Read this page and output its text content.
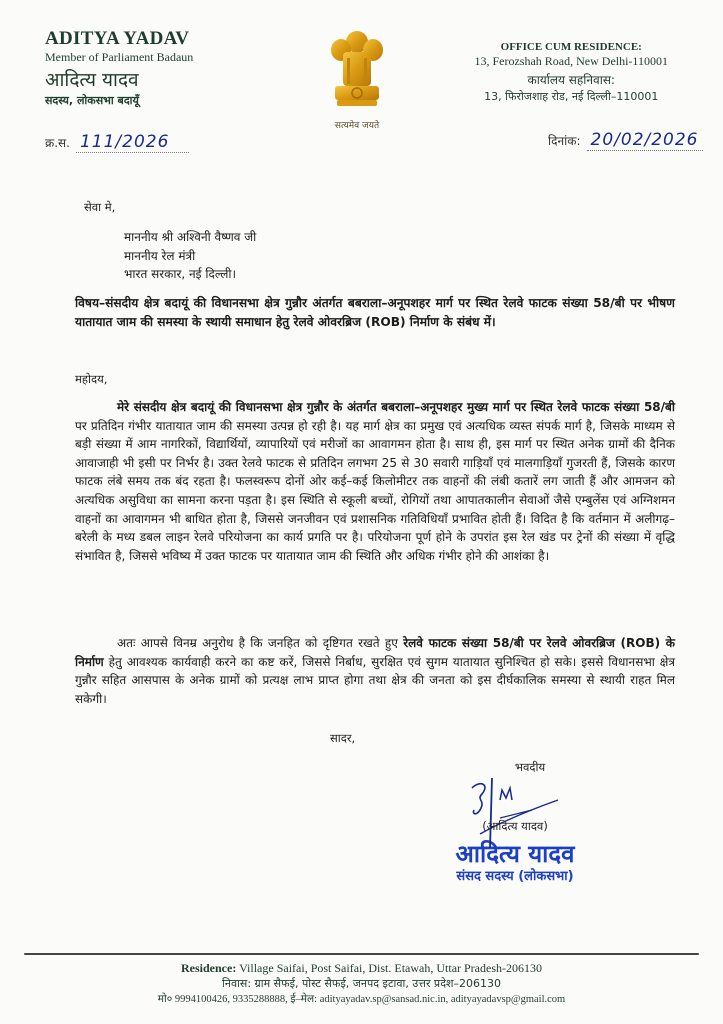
ADITYA YADAV
Member of Parliament Badaun
आदित्य यादव
सदस्य, लोकसभा बदायूँ
क्र.स. 111/2026
सत्यमेव जयते
OFFICE CUM RESIDENCE:
13, Ferozshah Road, New Delhi-110001
कार्यालय सहनिवास:
13, फिरोजशाह रोड, नई दिल्ली–110001
दिनांक: 20/02/2026
सेवा मे,
माननीय श्री अश्विनी वैष्णव जी
माननीय रेल मंत्री
भारत सरकार, नई दिल्ली।
विषय–संसदीय क्षेत्र बदायूं की विधानसभा क्षेत्र गुन्नौर अंतर्गत बबराला–अनूपशहर मार्ग पर स्थित रेलवे फाटक संख्या 58/बी पर भीषण यातायात जाम की समस्या के स्थायी समाधान हेतु रेलवे ओवरब्रिज (ROB) निर्माण के संबंध में।
महोदय,
मेरे संसदीय क्षेत्र बदायूं की विधानसभा क्षेत्र गुन्नौर के अंतर्गत बबराला–अनूपशहर मुख्य मार्ग पर स्थित रेलवे फाटक संख्या 58/बी पर प्रतिदिन गंभीर यातायात जाम की समस्या उत्पन्न हो रही है। यह मार्ग क्षेत्र का प्रमुख एवं अत्यधिक व्यस्त संपर्क मार्ग है, जिसके माध्यम से बड़ी संख्या में आम नागरिकों, विद्यार्थियों, व्यापारियों एवं मरीजों का आवागमन होता है। साथ ही, इस मार्ग पर स्थित अनेक ग्रामों की दैनिक आवाजाही भी इसी पर निर्भर है। उक्त रेलवे फाटक से प्रतिदिन लगभग 25 से 30 सवारी गाड़ियाँ एवं मालगाड़ियाँ गुजरती हैं, जिसके कारण फाटक लंबे समय तक बंद रहता है। फलस्वरूप दोनों ओर कई–कई किलोमीटर तक वाहनों की लंबी कतारें लग जाती हैं और आमजन को अत्यधिक असुविधा का सामना करना पड़ता है। इस स्थिति से स्कूली बच्चों, रोगियों तथा आपातकालीन सेवाओं जैसे एम्बुलेंस एवं अग्निशमन वाहनों का आवागमन भी बाधित होता है, जिससे जनजीवन एवं प्रशासनिक गतिविधियाँ प्रभावित होती हैं। विदित है कि वर्तमान में अलीगढ़–बरेली के मध्य डबल लाइन रेलवे परियोजना का कार्य प्रगति पर है। परियोजना पूर्ण होने के उपरांत इस रेल खंड पर ट्रेनों की संख्या में वृद्धि संभावित है, जिससे भविष्य में उक्त फाटक पर यातायात जाम की स्थिति और अधिक गंभीर होने की आशंका है।
अतः आपसे विनम्र अनुरोध है कि जनहित को दृष्टिगत रखते हुए रेलवे फाटक संख्या 58/बी पर रेलवे ओवरब्रिज (ROB) के निर्माण हेतु आवश्यक कार्यवाही करने का कष्ट करें, जिससे निर्बाध, सुरक्षित एवं सुगम यातायात सुनिश्चित हो सके। इससे विधानसभा क्षेत्र गुन्नौर सहित आसपास के अनेक ग्रामों को प्रत्यक्ष लाभ प्राप्त होगा तथा क्षेत्र की जनता को इस दीर्घकालिक समस्या से स्थायी राहत मिल सकेगी।
सादर,
भवदीय
(आदित्य यादव)
आदित्य यादव
संसद सदस्य (लोकसभा)
Residence: Village Saifai, Post Saifai, Dist. Etawah, Uttar Pradesh-206130
निवास: ग्राम सैफई, पोस्ट सैफई, जनपद इटावा, उत्तर प्रदेश–206130
मो० 9994100426, 9335288888, ई–मेल: adityayadav.sp@sansad.nic.in, adityayadavsp@gmail.com
